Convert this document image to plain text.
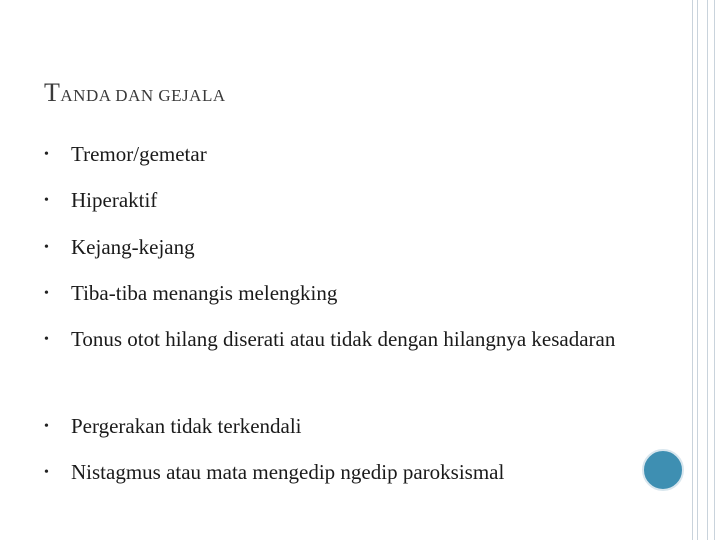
TANDA DAN GEJALA
•	Tremor/gemetar
•	Hiperaktif
•	Kejang-kejang
•	Tiba-tiba menangis melengking
•	Tonus otot hilang diserati atau tidak dengan hilangnya kesadaran
•	Pergerakan tidak terkendali
•	Nistagmus atau mata mengedip ngedip paroksismal
